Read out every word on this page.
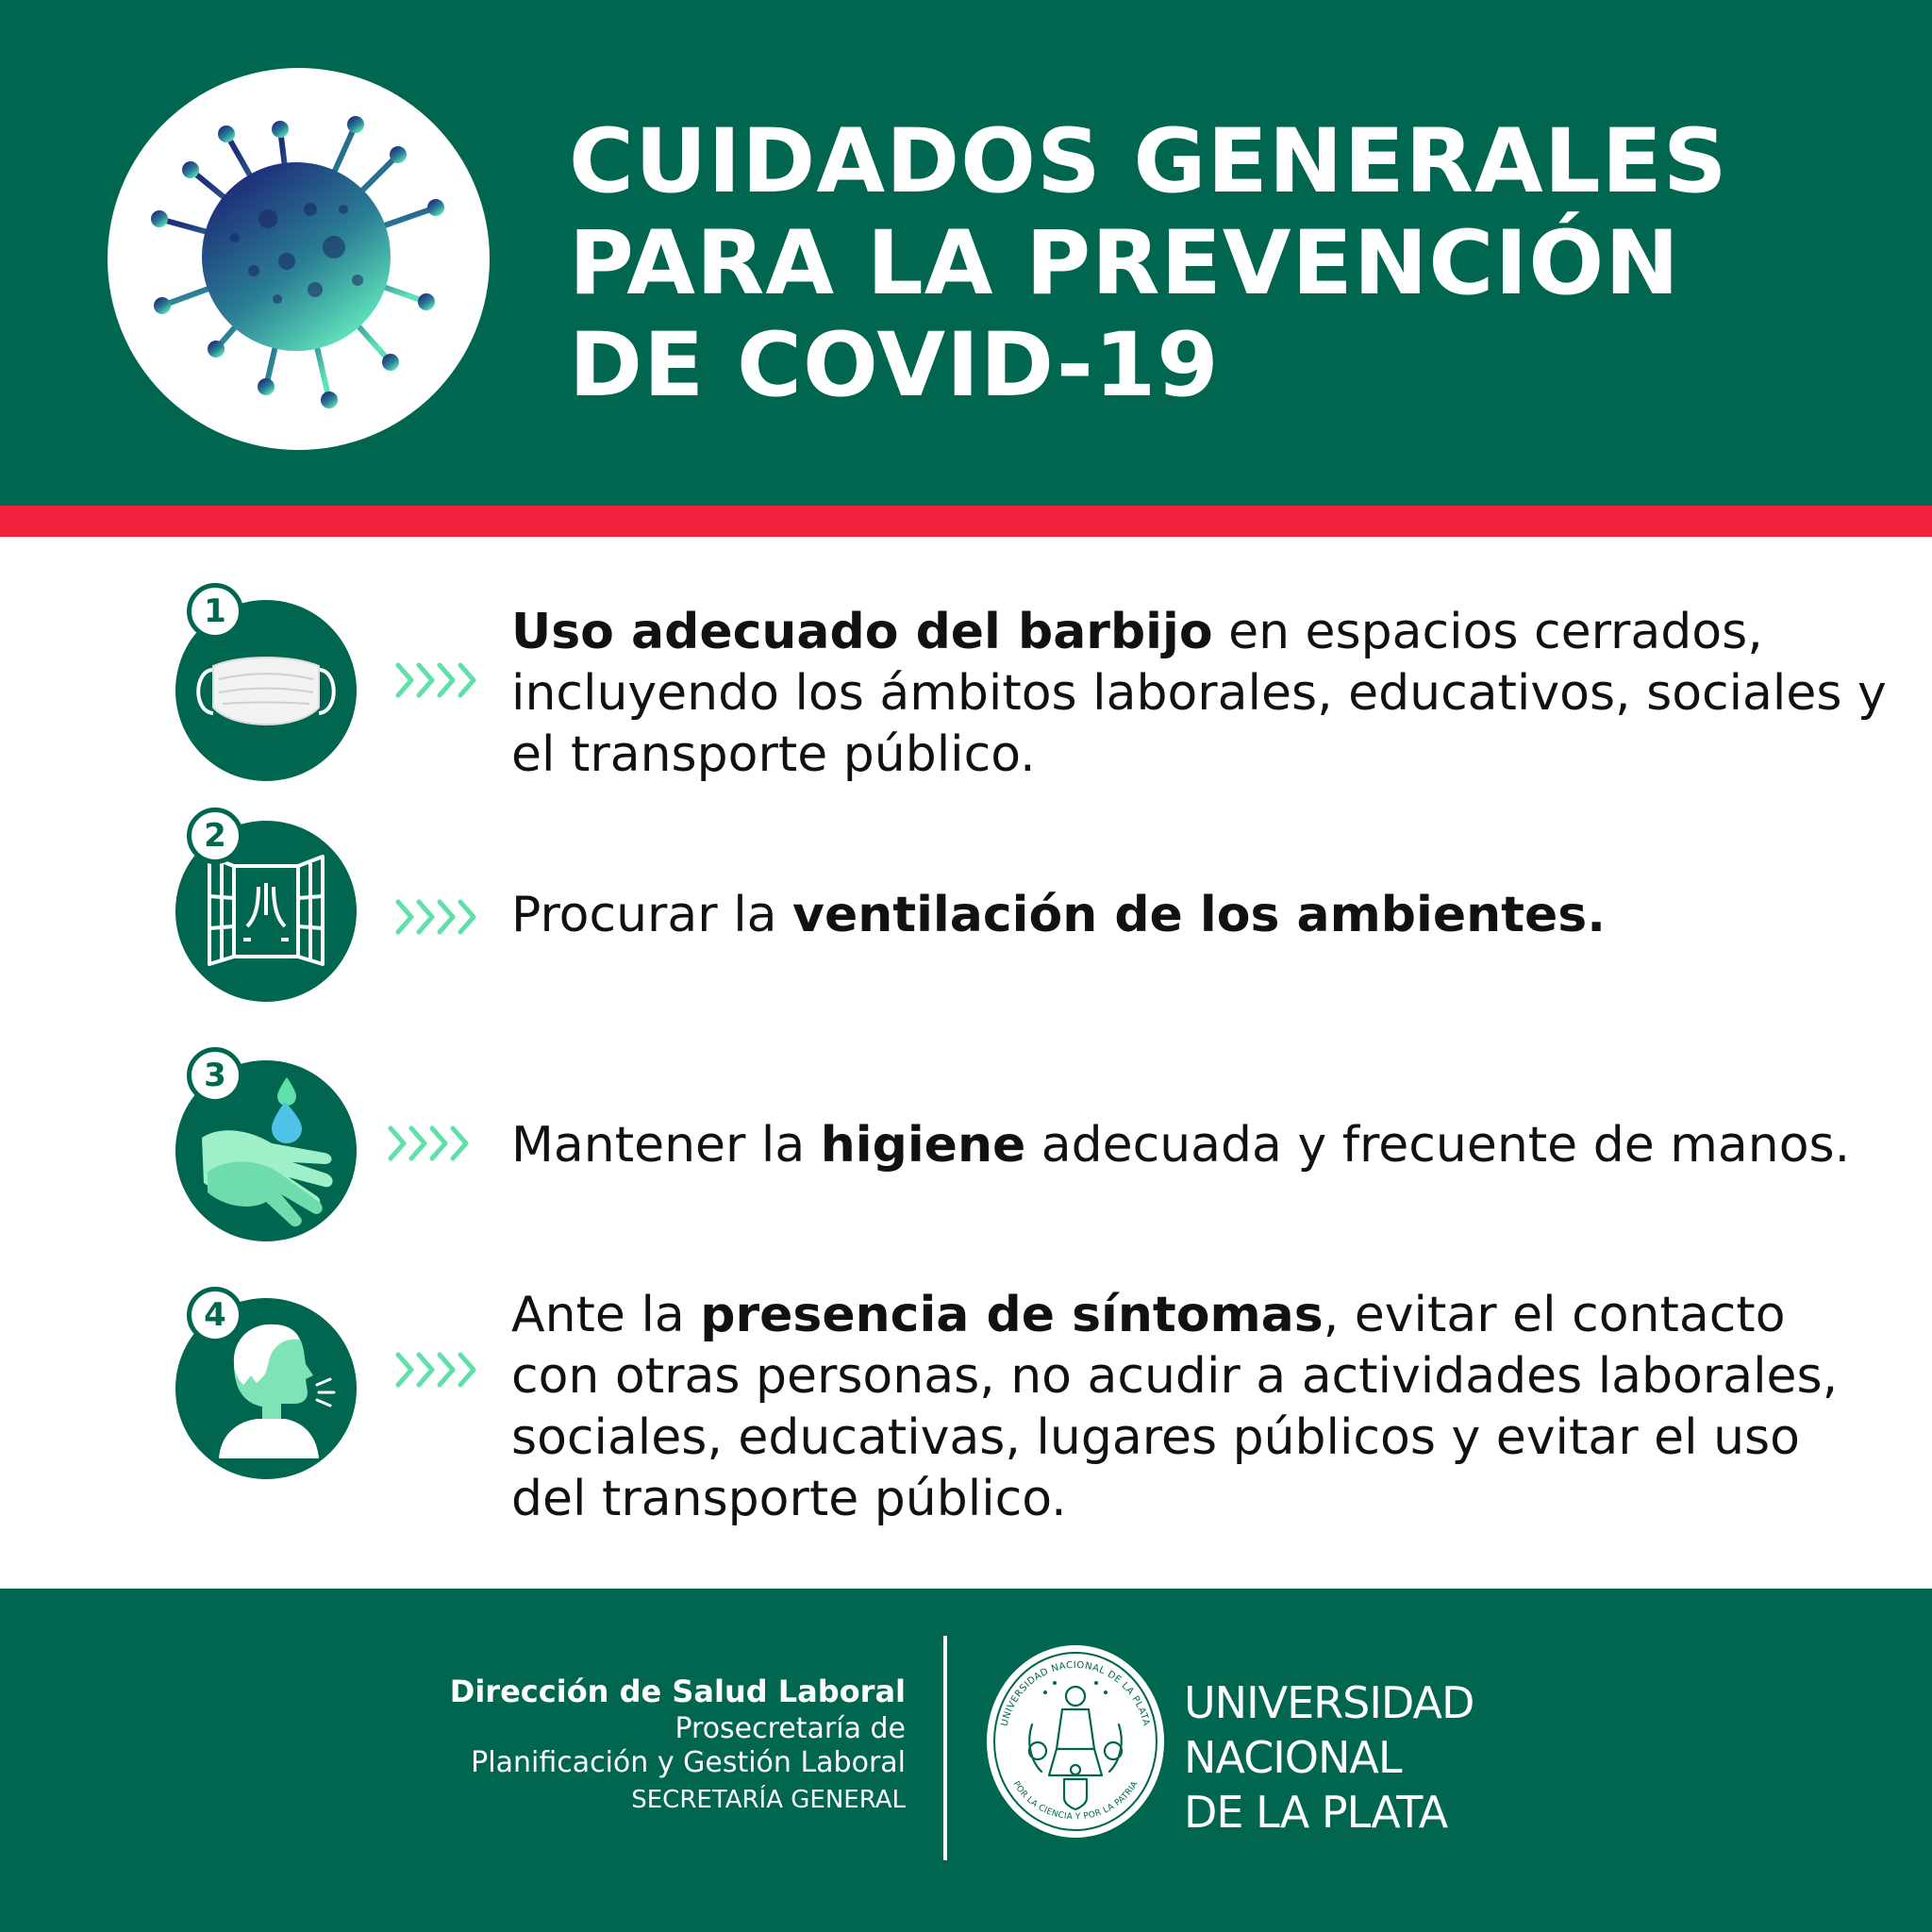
CUIDADOS GENERALES
PARA LA PREVENCIÓN
DE COVID-19
1	Uso adecuado del barbijo en espacios cerrados, incluyendo los ámbitos laborales, educativos, sociales y el transporte público.

2

Procurar la ventilación de los ambientes.

3

Mantener la higiene adecuada y frecuente de manos.

4	Ante la presencia de síntomas, evitar el contacto con otras personas, no acudir a actividades laborales, sociales, educativas, lugares públicos y evitar el uso del transporte público.

Dirección de Salud Laboral
Prosecretaría de
Planificación y Gestión Laboral
SECRETARÍA GENERAL
UNIVERSIDAD NACIONAL DE LA PLATA
POR LA CIENCIA Y POR LA PATRIA
UNIVERSIDAD
NACIONAL
DE LA PLATA
